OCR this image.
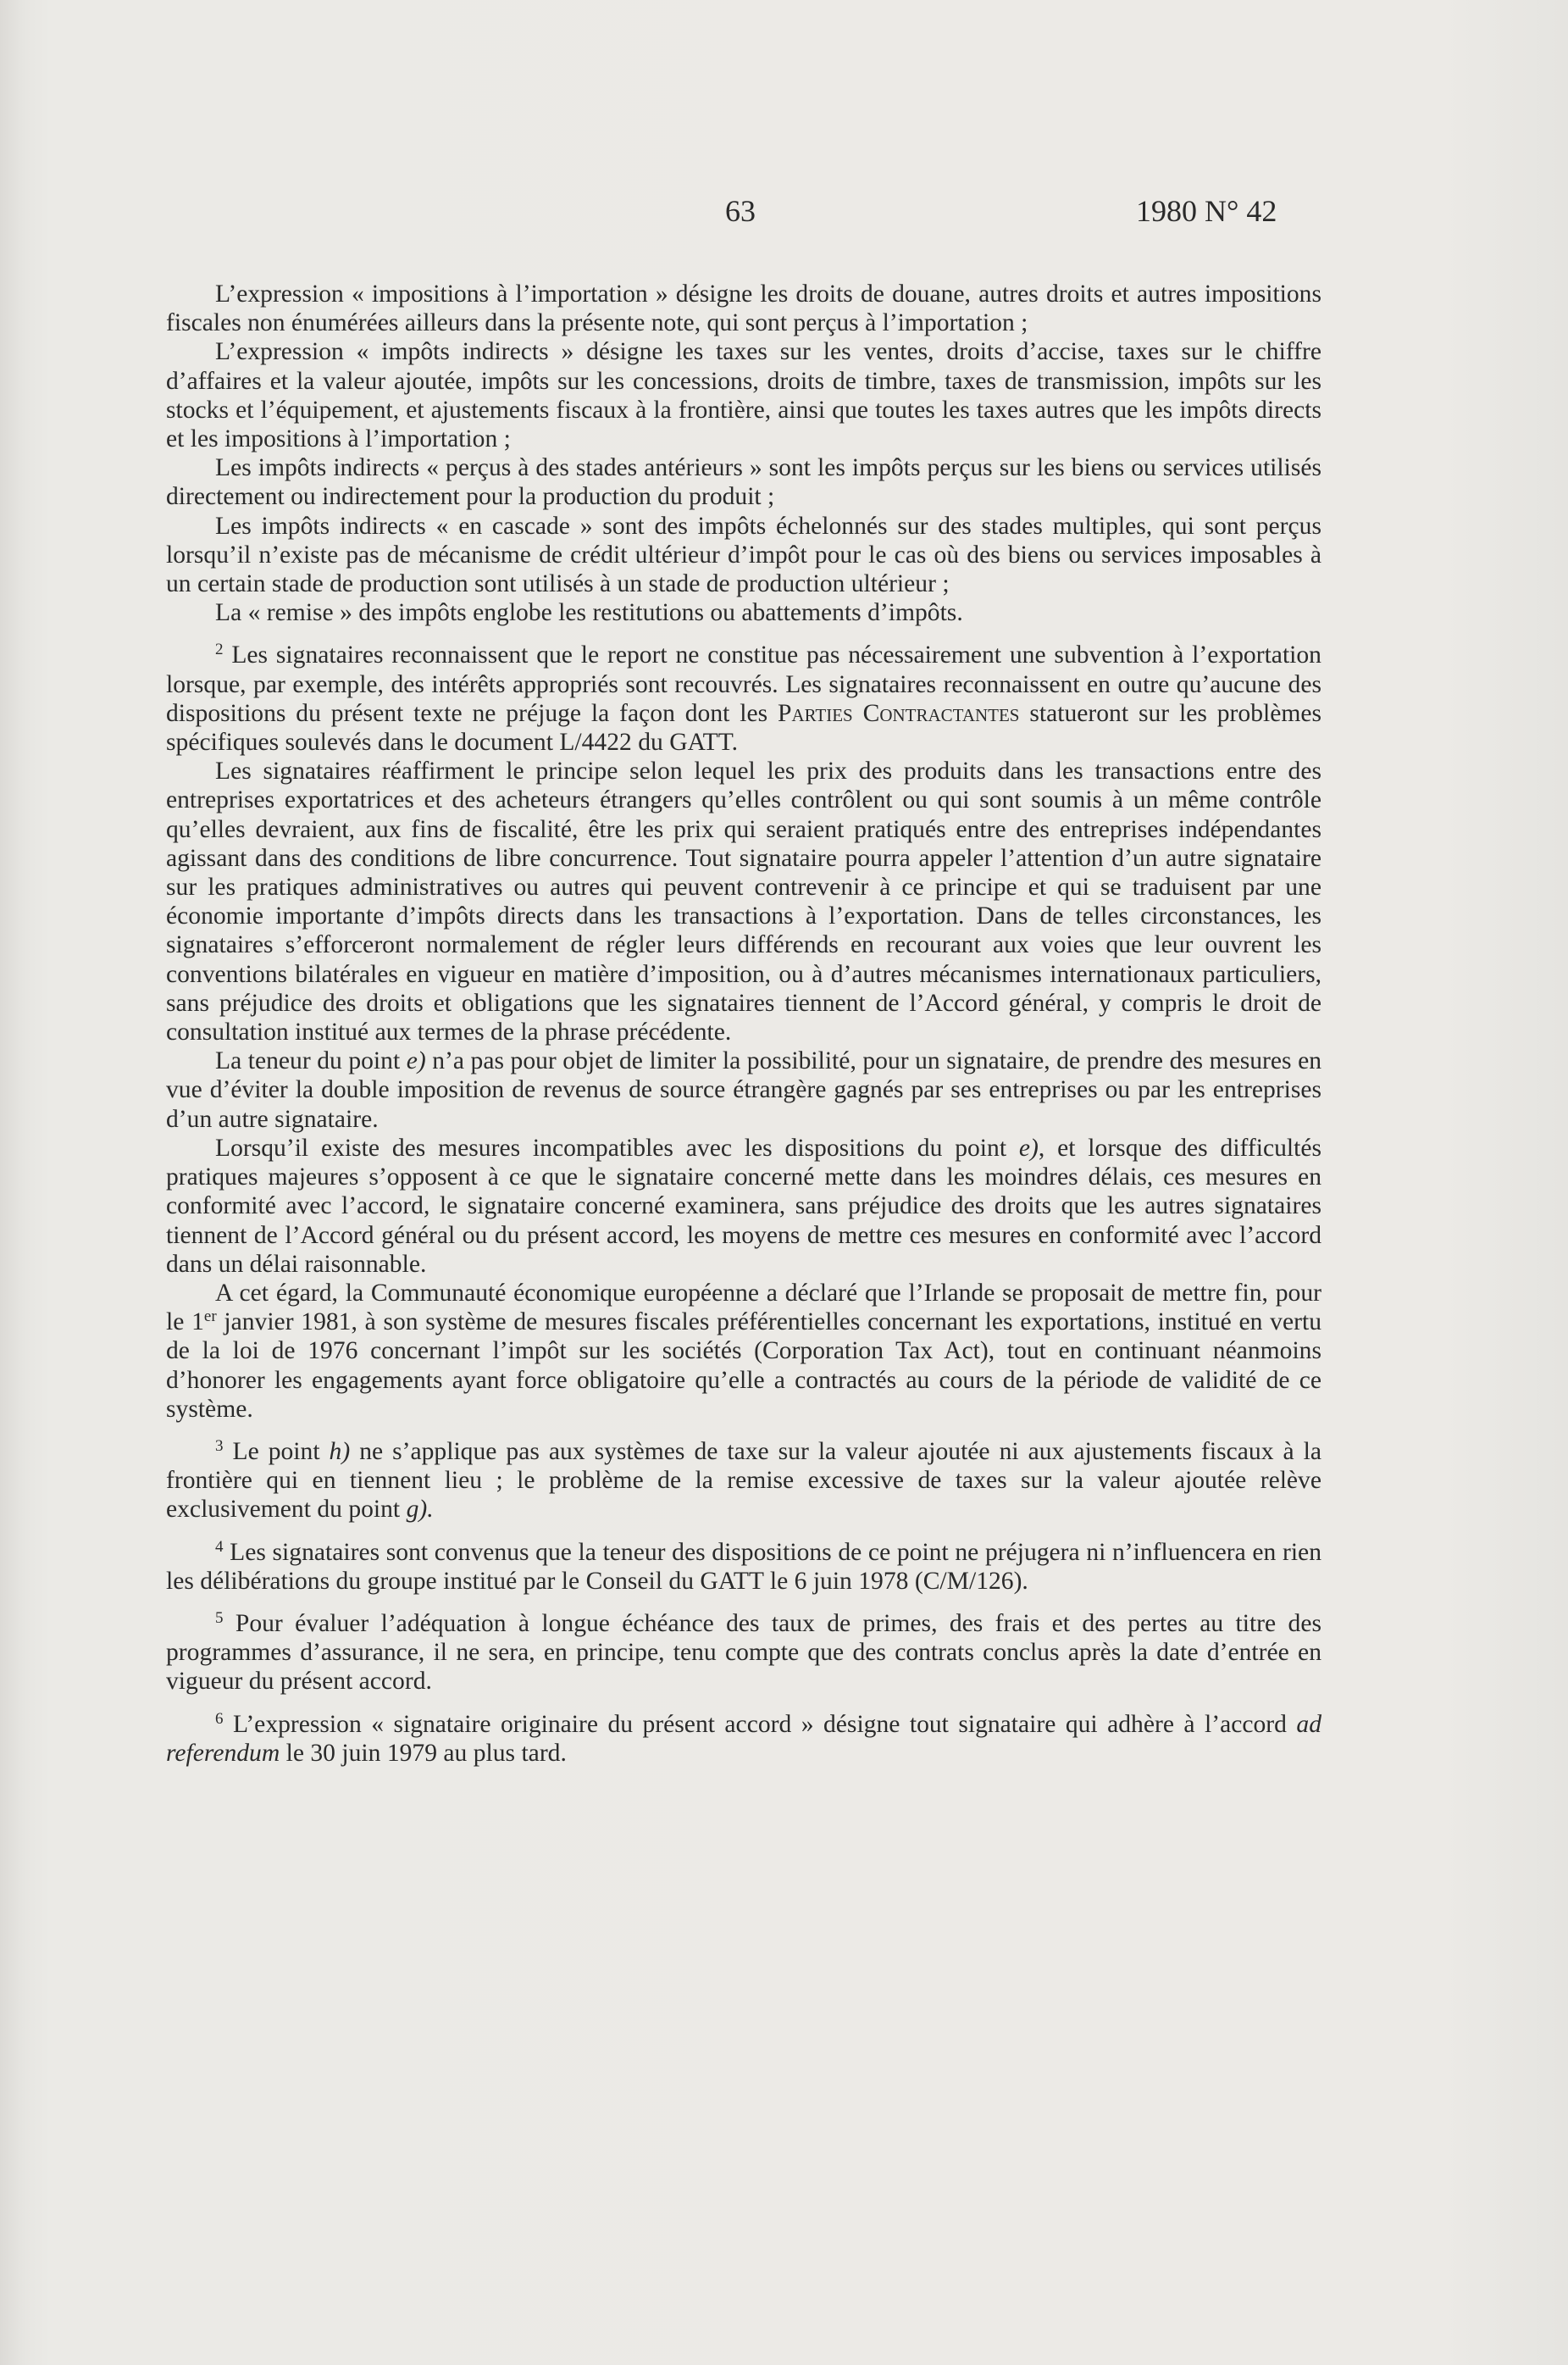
63	1980 N° 42

L’expression « impositions à l’importation » désigne les droits de douane, autres droits et autres impositions fiscales non énumérées ailleurs dans la présente note, qui sont perçus à l’importation ;

L’expression « impôts indirects » désigne les taxes sur les ventes, droits d’accise, taxes sur le chiffre d’affaires et la valeur ajoutée, impôts sur les concessions, droits de timbre, taxes de transmission, impôts sur les stocks et l’équipement, et ajustements fiscaux à la frontière, ainsi que toutes les taxes autres que les impôts directs et les impositions à l’importation ;

Les impôts indirects « perçus à des stades antérieurs » sont les impôts perçus sur les biens ou services utilisés directement ou indirectement pour la production du produit ;

Les impôts indirects « en cascade » sont des impôts échelonnés sur des stades multiples, qui sont perçus lorsqu’il n’existe pas de mécanisme de crédit ultérieur d’impôt pour le cas où des biens ou services imposables à un certain stade de production sont utilisés à un stade de production ultérieur ;

La « remise » des impôts englobe les restitutions ou abattements d’impôts.

$^2$ Les signataires reconnaissent que le report ne constitue pas nécessairement une subvention à l’exportation lorsque, par exemple, des intérêts appropriés sont recouvrés. Les signataires reconnaissent en outre qu’aucune des dispositions du présent texte ne préjuge la façon dont les Parties Contractantes statueront sur les problèmes spécifiques soulevés dans le document L/4422 du GATT.

Les signataires réaffirment le principe selon lequel les prix des produits dans les transactions entre des entreprises exportatrices et des acheteurs étrangers qu’elles contrôlent ou qui sont soumis à un même contrôle qu’elles devraient, aux fins de fiscalité, être les prix qui seraient pratiqués entre des entreprises indépendantes agissant dans des conditions de libre concurrence. Tout signataire pourra appeler l’attention d’un autre signataire sur les pratiques administratives ou autres qui peuvent contrevenir à ce principe et qui se traduisent par une économie importante d’impôts directs dans les transactions à l’exportation. Dans de telles circonstances, les signataires s’efforceront normalement de régler leurs différends en recourant aux voies que leur ouvrent les conventions bilatérales en vigueur en matière d’imposition, ou à d’autres mécanismes internationaux particuliers, sans préjudice des droits et obligations que les signataires tiennent de l’Accord général, y compris le droit de consultation institué aux termes de la phrase précédente.

La teneur du point e) n’a pas pour objet de limiter la possibilité, pour un signataire, de prendre des mesures en vue d’éviter la double imposition de revenus de source étrangère gagnés par ses entreprises ou par les entreprises d’un autre signataire.

Lorsqu’il existe des mesures incompatibles avec les dispositions du point e), et lorsque des difficultés pratiques majeures s’opposent à ce que le signataire concerné mette dans les moindres délais, ces mesures en conformité avec l’accord, le signataire concerné examinera, sans préjudice des droits que les autres signataires tiennent de l’Accord général ou du présent accord, les moyens de mettre ces mesures en conformité avec l’accord dans un délai raisonnable.

A cet égard, la Communauté économique européenne a déclaré que l’Irlande se proposait de mettre fin, pour le 1er janvier 1981, à son système de mesures fiscales préférentielles concernant les exportations, institué en vertu de la loi de 1976 concernant l’impôt sur les sociétés (Corporation Tax Act), tout en continuant néanmoins d’honorer les engagements ayant force obligatoire qu’elle a contractés au cours de la période de validité de ce système.

$^3$ Le point h) ne s’applique pas aux systèmes de taxe sur la valeur ajoutée ni aux ajustements fiscaux à la frontière qui en tiennent lieu ; le problème de la remise excessive de taxes sur la valeur ajoutée relève exclusivement du point g).

$^4$ Les signataires sont convenus que la teneur des dispositions de ce point ne préjugera ni n’influencera en rien les délibérations du groupe institué par le Conseil du GATT le 6 juin 1978 (C/M/126).

$^5$ Pour évaluer l’adéquation à longue échéance des taux de primes, des frais et des pertes au titre des programmes d’assurance, il ne sera, en principe, tenu compte que des contrats conclus après la date d’entrée en vigueur du présent accord.

$^6$ L’expression « signataire originaire du présent accord » désigne tout signataire qui adhère à l’accord ad referendum le 30 juin 1979 au plus tard.
